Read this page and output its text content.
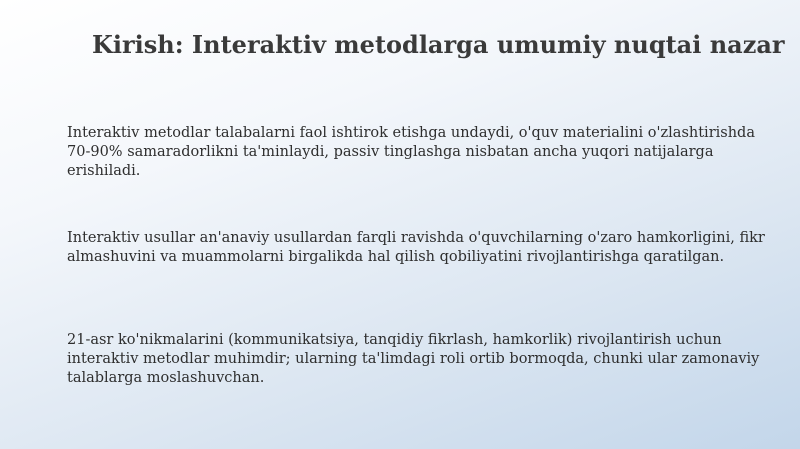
Kirish: Interaktiv metodlarga umumiy nuqtai nazar

Interaktiv metodlar talabalarni faol ishtirok etishga undaydi, o'quv materialini o'zlashtirishda 70-90% samaradorlikni ta'minlaydi, passiv tinglashga nisbatan ancha yuqori natijalarga erishiladi.

Interaktiv usullar an'anaviy usullardan farqli ravishda o'quvchilarning o'zaro hamkorligini, fikr almashuvini va muammolarni birgalikda hal qilish qobiliyatini rivojlantirishga qaratilgan.

21-asr ko'nikmalarini (kommunikatsiya, tanqidiy fikrlash, hamkorlik) rivojlantirish uchun interaktiv metodlar muhimdir; ularning ta'limdagi roli ortib bormoqda, chunki ular zamonaviy talablarga moslashuvchan.
